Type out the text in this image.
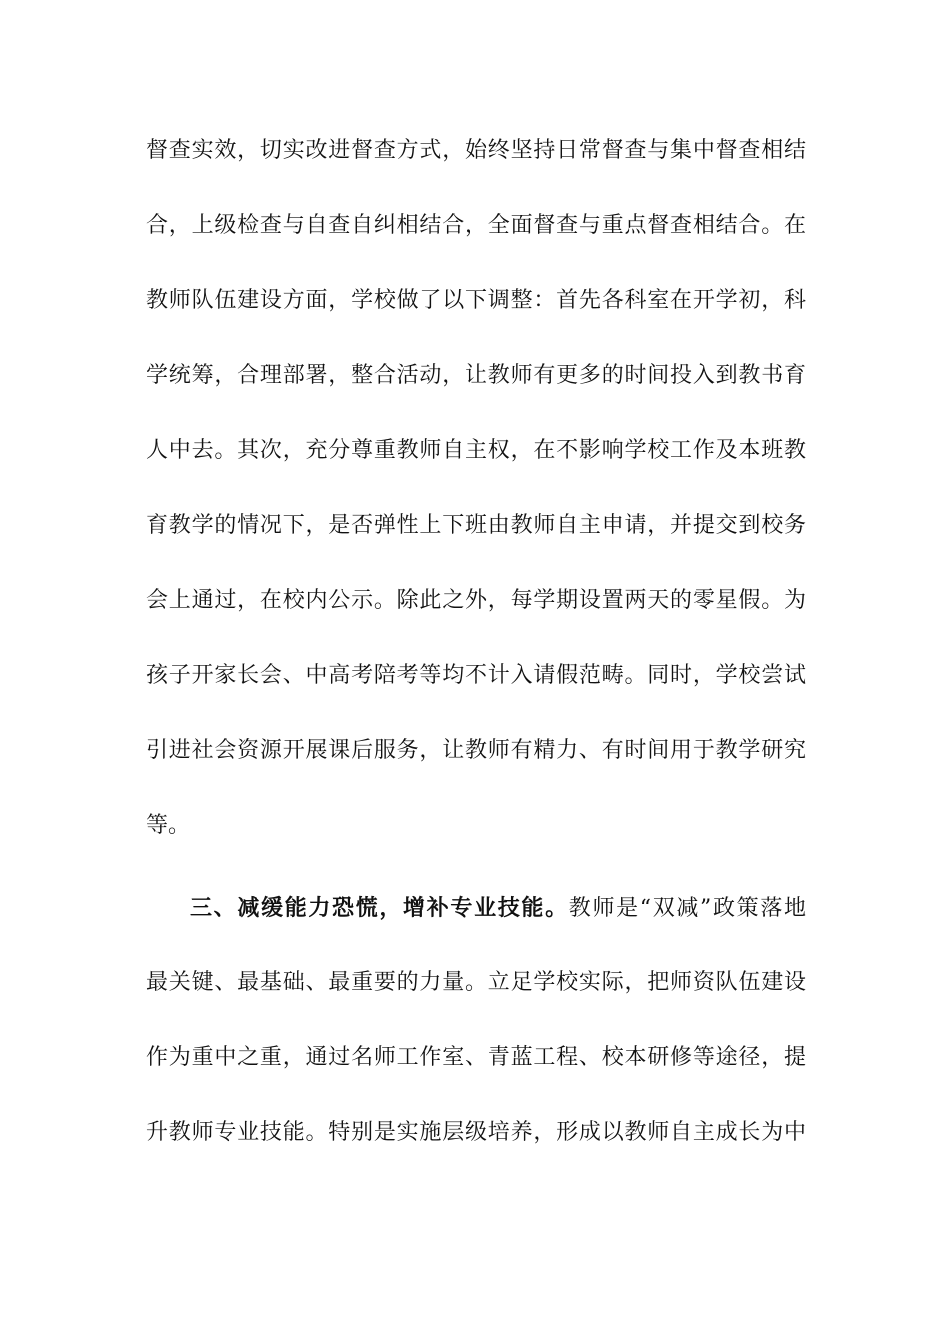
督查实效，切实改进督查方式，始终坚持日常督查与集中督查相结
合，上级检查与自查自纠相结合，全面督查与重点督查相结合。在
教师队伍建设方面，学校做了以下调整：首先各科室在开学初，科
学统筹，合理部署，整合活动，让教师有更多的时间投入到教书育
人中去。其次，充分尊重教师自主权，在不影响学校工作及本班教
育教学的情况下，是否弹性上下班由教师自主申请，并提交到校务
会上通过，在校内公示。除此之外，每学期设置两天的零星假。为
孩子开家长会、中高考陪考等均不计入请假范畴。同时，学校尝试
引进社会资源开展课后服务，让教师有精力、有时间用于教学研究
等。
三、减缓能力恐慌，增补专业技能。教师是“双减”政策落地
最关键、最基础、最重要的力量。立足学校实际，把师资队伍建设
作为重中之重，通过名师工作室、青蓝工程、校本研修等途径，提
升教师专业技能。特别是实施层级培养，形成以教师自主成长为中
